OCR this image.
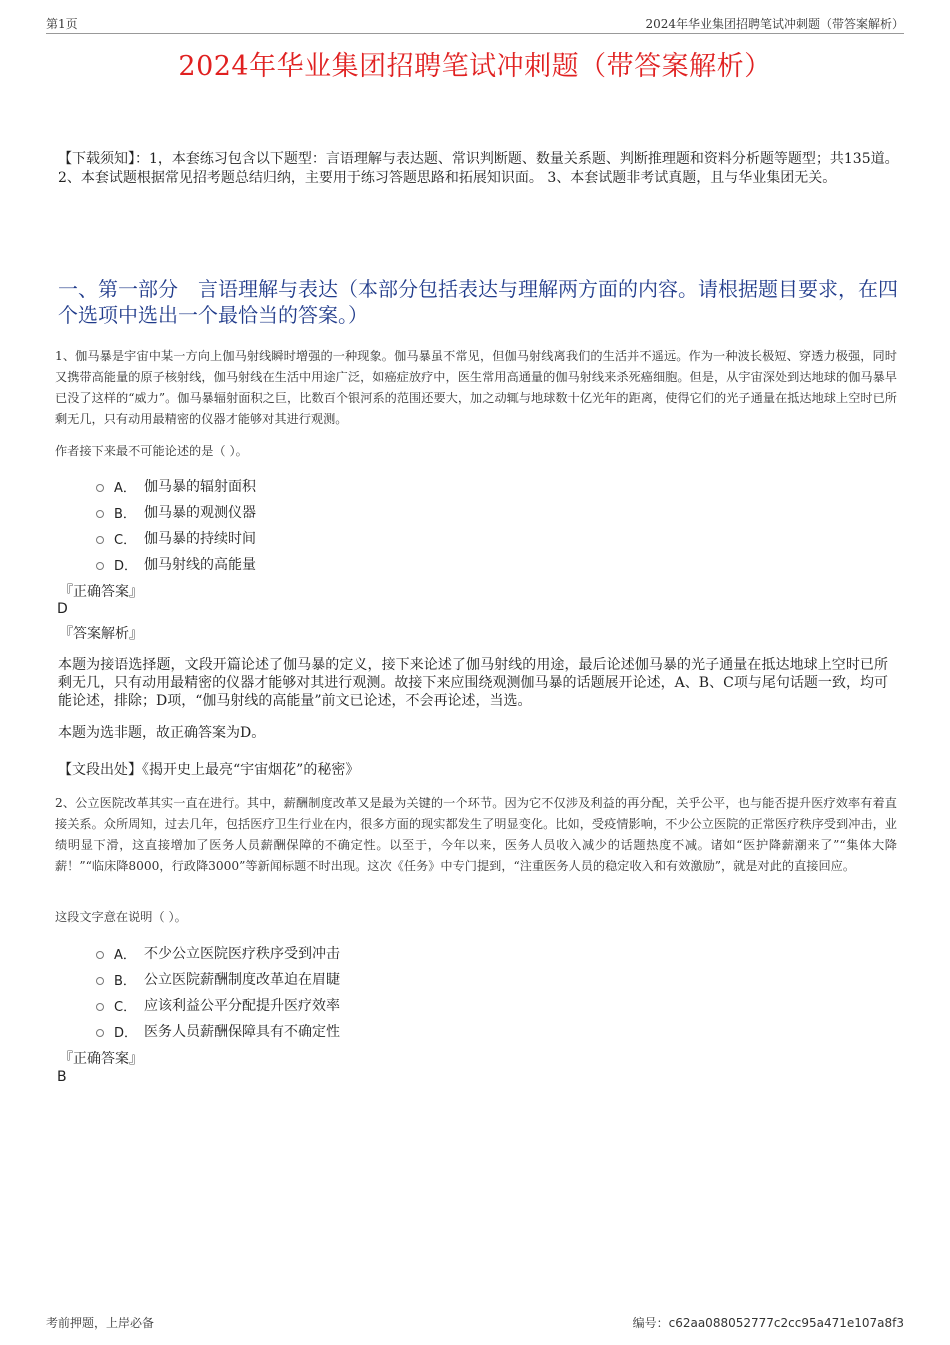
第1页	2024年华业集团招聘笔试冲刺题（带答案解析）
2024年华业集团招聘笔试冲刺题（带答案解析）
【下载须知】：1，本套练习包含以下题型：言语理解与表达题、常识判断题、数量关系题、判断推理题和资料分析题等题型；共135道。 2、本套试题根据常见招考题总结归纳，主要用于练习答题思路和拓展知识面。 3、本套试题非考试真题，且与华业集团无关。
一、第一部分　言语理解与表达（本部分包括表达与理解两方面的内容。请根据题目要求，在四个选项中选出一个最恰当的答案。）
1、伽马暴是宇宙中某一方向上伽马射线瞬时增强的一种现象。伽马暴虽不常见，但伽马射线离我们的生活并不遥远。作为一种波长极短、穿透力极强，同时又携带高能量的原子核射线，伽马射线在生活中用途广泛，如癌症放疗中，医生常用高通量的伽马射线来杀死癌细胞。但是，从宇宙深处到达地球的伽马暴早已没了这样的“威力”。伽马暴辐射面积之巨，比数百个银河系的范围还要大，加之动辄与地球数十亿光年的距离，使得它们的光子通量在抵达地球上空时已所剩无几，只有动用最精密的仪器才能够对其进行观测。
作者接下来最不可能论述的是（ ）。
A． 伽马暴的辐射面积
B． 伽马暴的观测仪器
C． 伽马暴的持续时间
D． 伽马射线的高能量
『正确答案』
D
『答案解析』
本题为接语选择题，文段开篇论述了伽马暴的定义，接下来论述了伽马射线的用途，最后论述伽马暴的光子通量在抵达地球上空时已所剩无几，只有动用最精密的仪器才能够对其进行观测。故接下来应围绕观测伽马暴的话题展开论述，A、B、C项与尾句话题一致，均可能论述，排除；D项，“伽马射线的高能量”前文已论述，不会再论述，当选。
本题为选非题，故正确答案为D。
【文段出处】《揭开史上最亮“宇宙烟花”的秘密》
2、公立医院改革其实一直在进行。其中，薪酬制度改革又是最为关键的一个环节。因为它不仅涉及利益的再分配，关乎公平，也与能否提升医疗效率有着直接关系。众所周知，过去几年，包括医疗卫生行业在内，很多方面的现实都发生了明显变化。比如，受疫情影响，不少公立医院的正常医疗秩序受到冲击，业绩明显下滑，这直接增加了医务人员薪酬保障的不确定性。以至于，今年以来，医务人员收入减少的话题热度不减。诸如“医护降薪潮来了”“集体大降薪！”“临床降8000，行政降3000”等新闻标题不时出现。这次《任务》中专门提到，“注重医务人员的稳定收入和有效激励”，就是对此的直接回应。
这段文字意在说明（ ）。
A． 不少公立医院医疗秩序受到冲击
B． 公立医院薪酬制度改革迫在眉睫
C． 应该利益公平分配提升医疗效率
D． 医务人员薪酬保障具有不确定性
『正确答案』
B
考前押题，上岸必备	编号：c62aa088052777c2cc95a471e107a8f3
